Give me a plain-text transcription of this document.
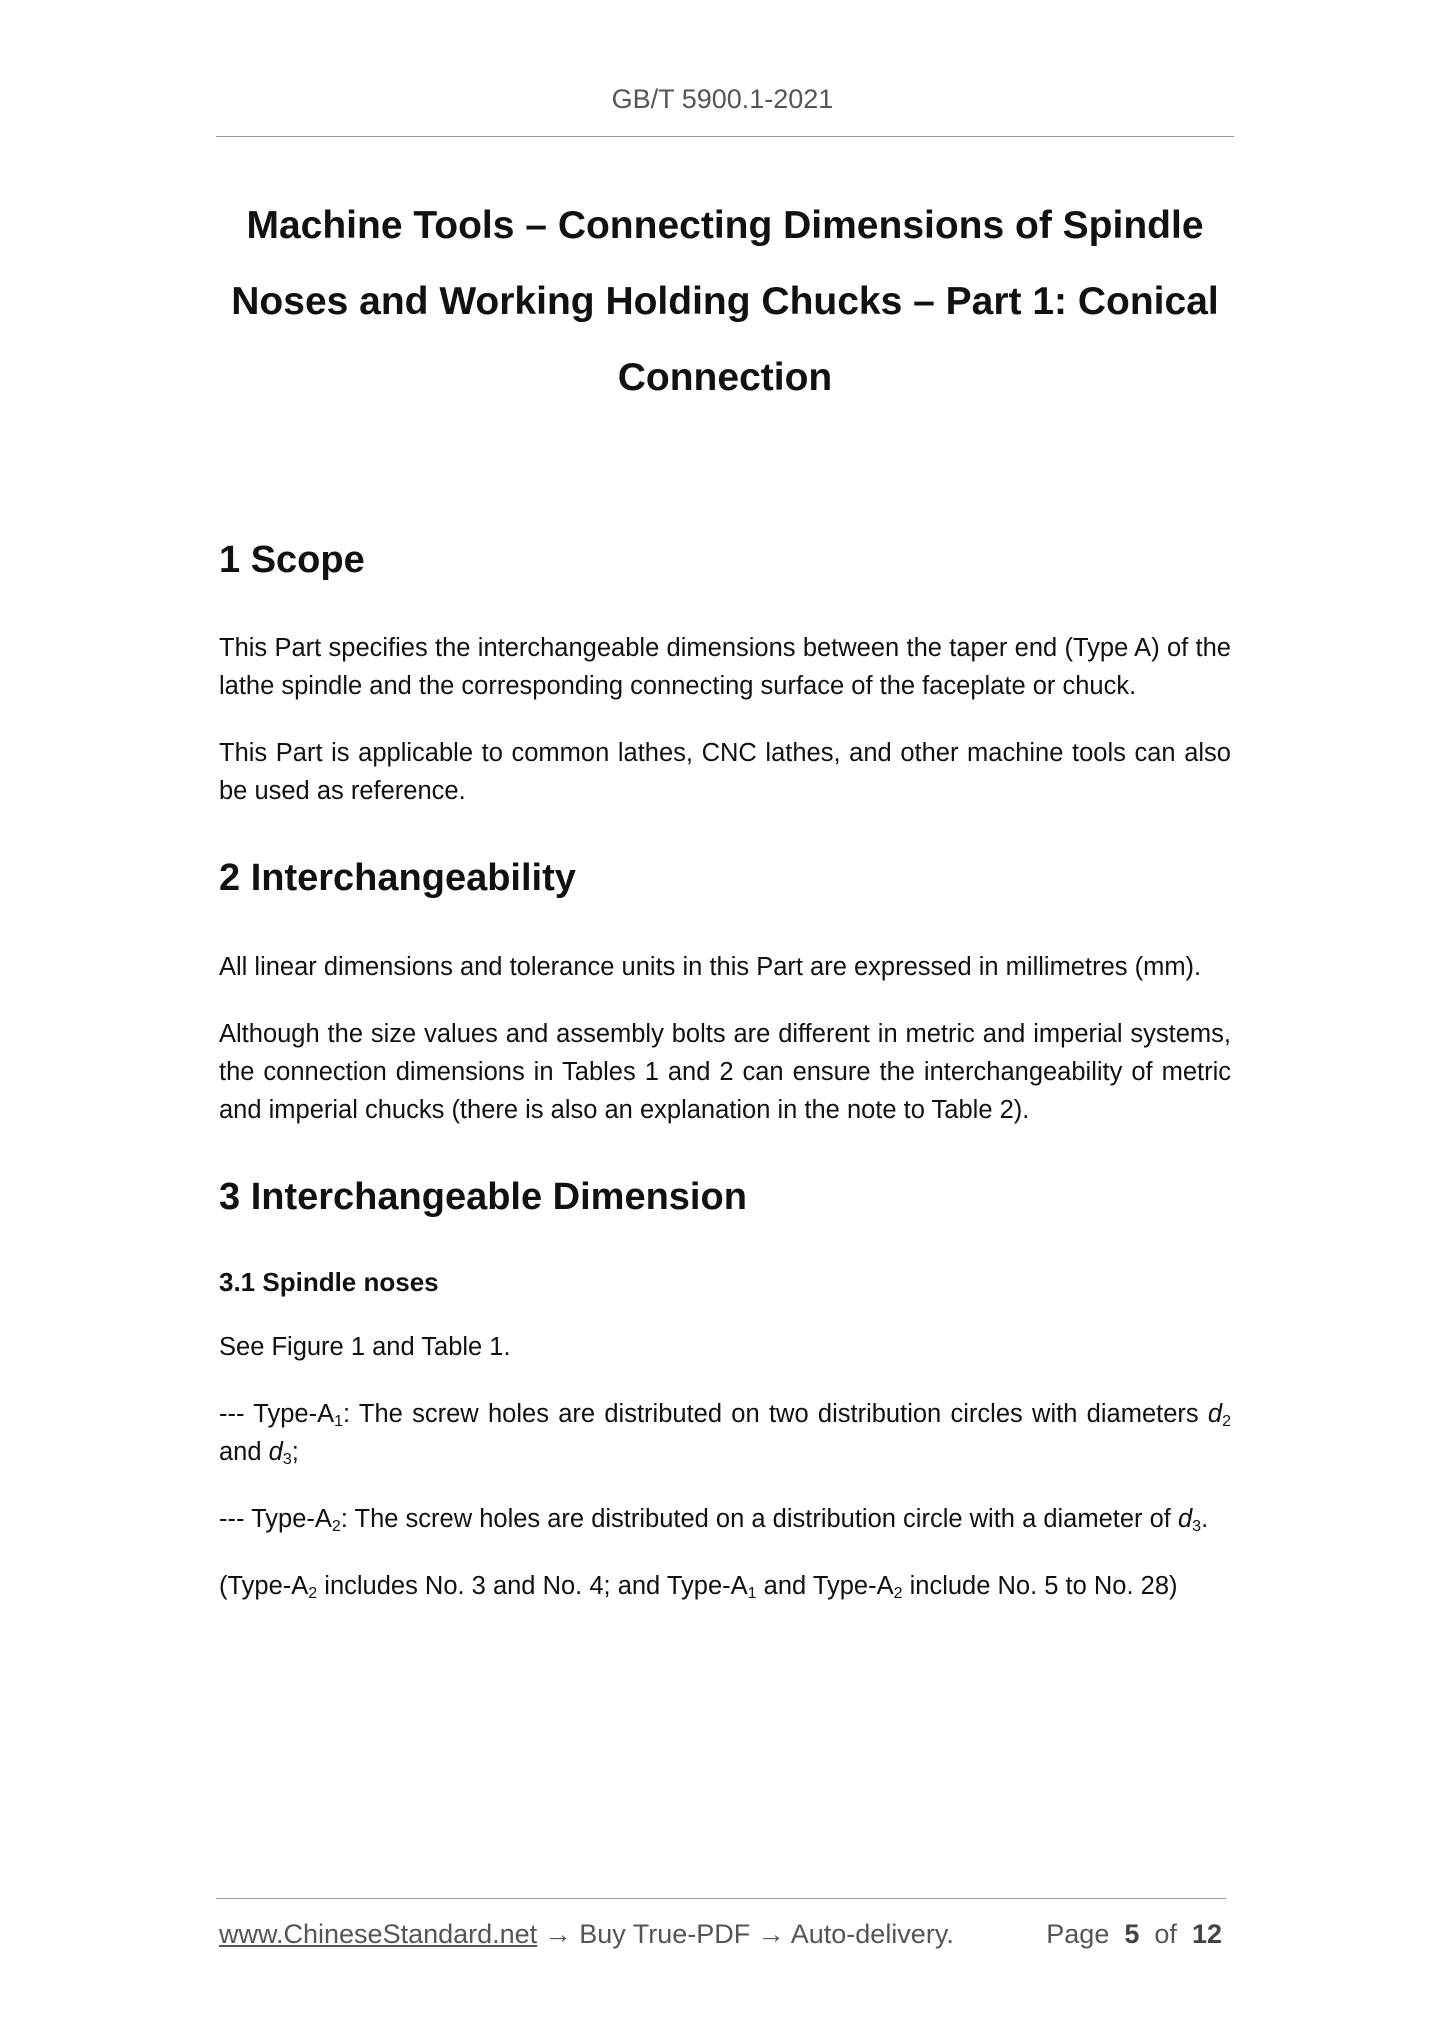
GB/T 5900.1-2021
Machine Tools – Connecting Dimensions of Spindle
Noses and Working Holding Chucks – Part 1: Conical
Connection
1 Scope

This Part specifies the interchangeable dimensions between the taper end (Type A) of the lathe spindle and the corresponding connecting surface of the faceplate or chuck.

This Part is applicable to common lathes, CNC lathes, and other machine tools can also be used as reference.

2 Interchangeability

All linear dimensions and tolerance units in this Part are expressed in millimetres (mm).

Although the size values and assembly bolts are different in metric and imperial systems, the connection dimensions in Tables 1 and 2 can ensure the interchangeability of metric and imperial chucks (there is also an explanation in the note to Table 2).

3 Interchangeable Dimension
3.1 Spindle noses

See Figure 1 and Table 1.

--- Type-$A_1$: The screw holes are distributed on two distribution circles with diameters $d_2$ and $d_3$;

--- Type-$A_2$: The screw holes are distributed on a distribution circle with a diameter of $d_3$.

($Type-A_2$ includes No. 3 and No. 4; and Type-$A_1$ and Type-$A_2$ include No. 5 to No. 28)

www.ChineseStandard.net → Buy True-PDF → Auto-delivery.	Page 5 of 12
